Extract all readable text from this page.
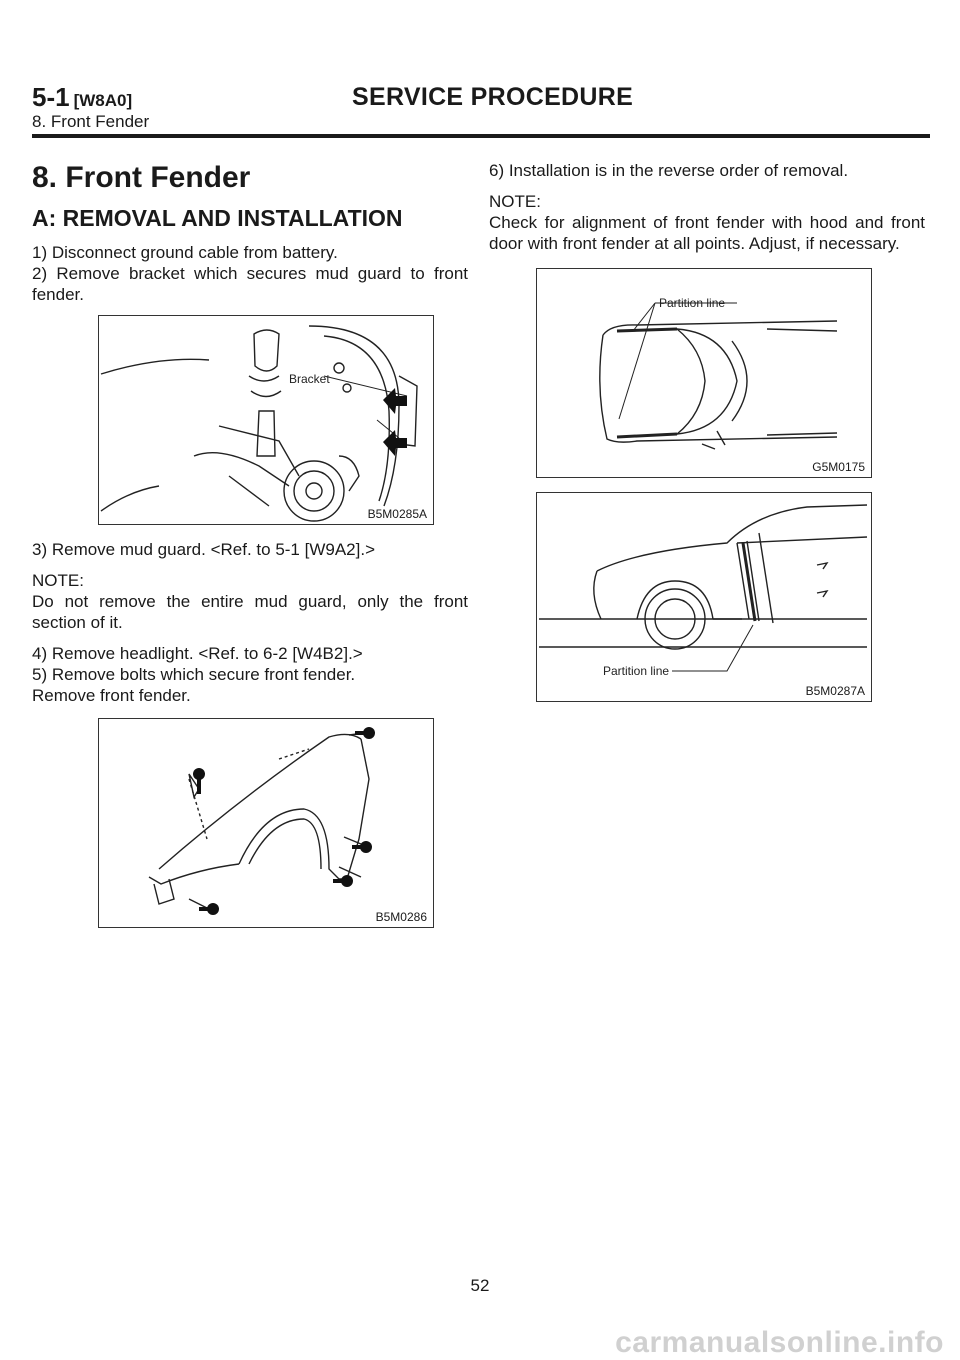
5-1 [W8A0]	SERVICE PROCEDURE
8. Front Fender
8. Front Fender
A: REMOVAL AND INSTALLATION

1) Disconnect ground cable from battery.

2) Remove bracket which secures mud guard to front fender.

Bracket
B5M0285A

3) Remove mud guard. <Ref. to 5-1 [W9A2].>

NOTE:

Do not remove the entire mud guard, only the front section of it.

4) Remove headlight. <Ref. to 6-2 [W4B2].>

5) Remove bolts which secure front fender.

Remove front fender.

B5M0286

6) Installation is in the reverse order of removal.

NOTE:

Check for alignment of front fender with hood and front door with front fender at all points. Adjust, if necessary.

Partition line
G5M0175
Partition line
B5M0287A
52
carmanualsonline.info
